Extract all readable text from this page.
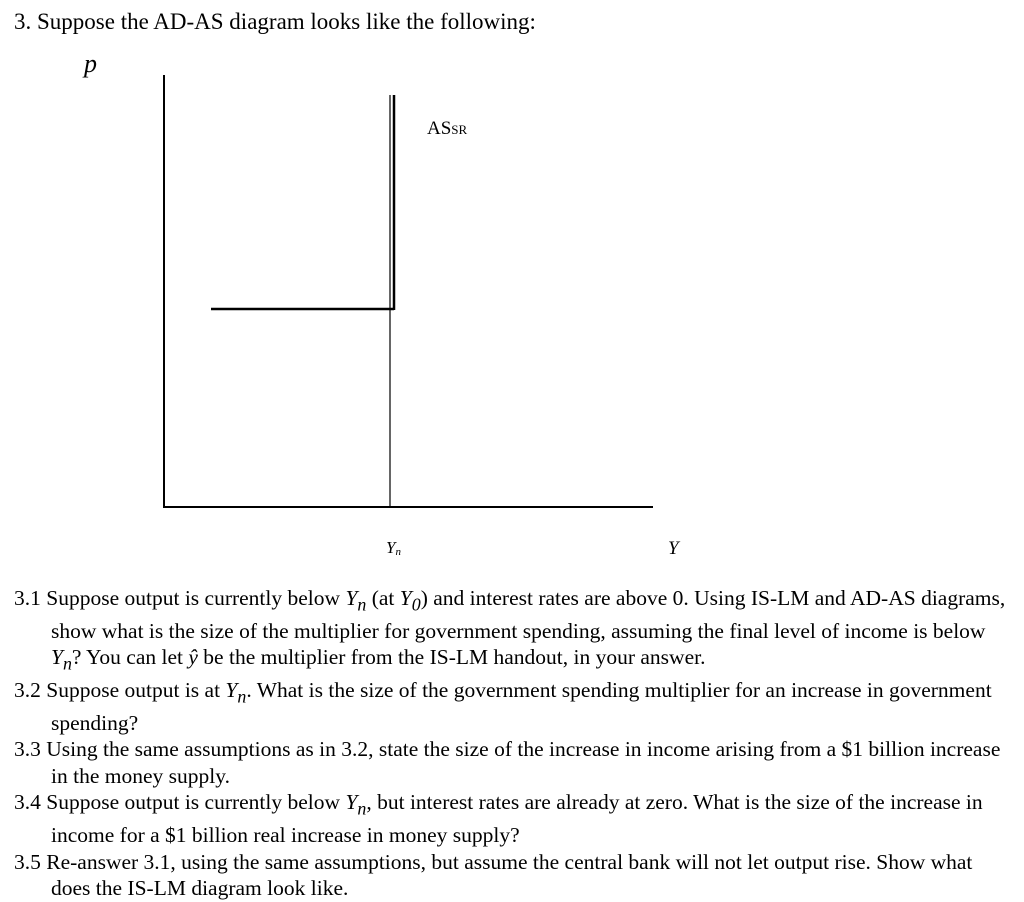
3. Suppose the AD-AS diagram looks like the following:
p
ASSR
Yn	Y

3.1 Suppose output is currently below $Y_n$ (at $Y_0$) and interest rates are above 0. Using IS-LM and AD-AS diagrams, show what is the size of the multiplier for government spending, assuming the final level of income is below $Y_n$? You can let ŷ be the multiplier from the IS-LM handout, in your answer.

3.2 Suppose output is at $Y_n$. What is the size of the government spending multiplier for an increase in government spending?

3.3 Using the same assumptions as in 3.2, state the size of the increase in income arising from a $1 billion increase in the money supply.

3.4 Suppose output is currently below $Y_n$, but interest rates are already at zero. What is the size of the increase in income for a $1 billion real increase in money supply?

3.5 Re-answer 3.1, using the same assumptions, but assume the central bank will not let output rise. Show what does the IS-LM diagram look like.
